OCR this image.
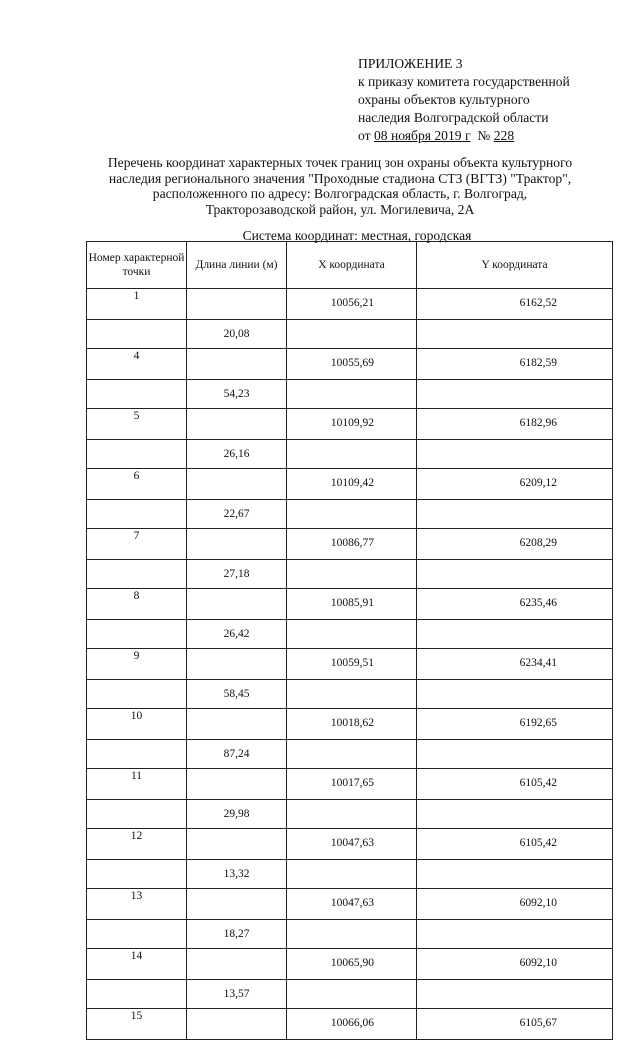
ПРИЛОЖЕНИЕ 3
к приказу комитета государственной
охраны объектов культурного
наследия Волгоградской области
от 08 ноября 2019 г № 228
Перечень координат характерных точек границ зон охраны объекта культурного
наследия регионального значения "Проходные стадиона СТЗ (ВГТЗ) "Трактор",
расположенного по адресу: Волгоградская область, г. Волгоград,
Тракторозаводской район, ул. Могилевича, 2А
Система координат: местная, городская
Номер характерной точки	Длина линии (м)	X координата	Y координата
1		10056,21	6162,52
	20,08		
4		10055,69	6182,59
	54,23		
5		10109,92	6182,96
	26,16		
6		10109,42	6209,12
	22,67		
7		10086,77	6208,29
	27,18		
8		10085,91	6235,46
	26,42		
9		10059,51	6234,41
	58,45		
10		10018,62	6192,65
	87,24		
11		10017,65	6105,42
	29,98		
12		10047,63	6105,42
	13,32		
13		10047,63	6092,10
	18,27		
14		10065,90	6092,10
	13,57		
15		10066,06	6105,67
